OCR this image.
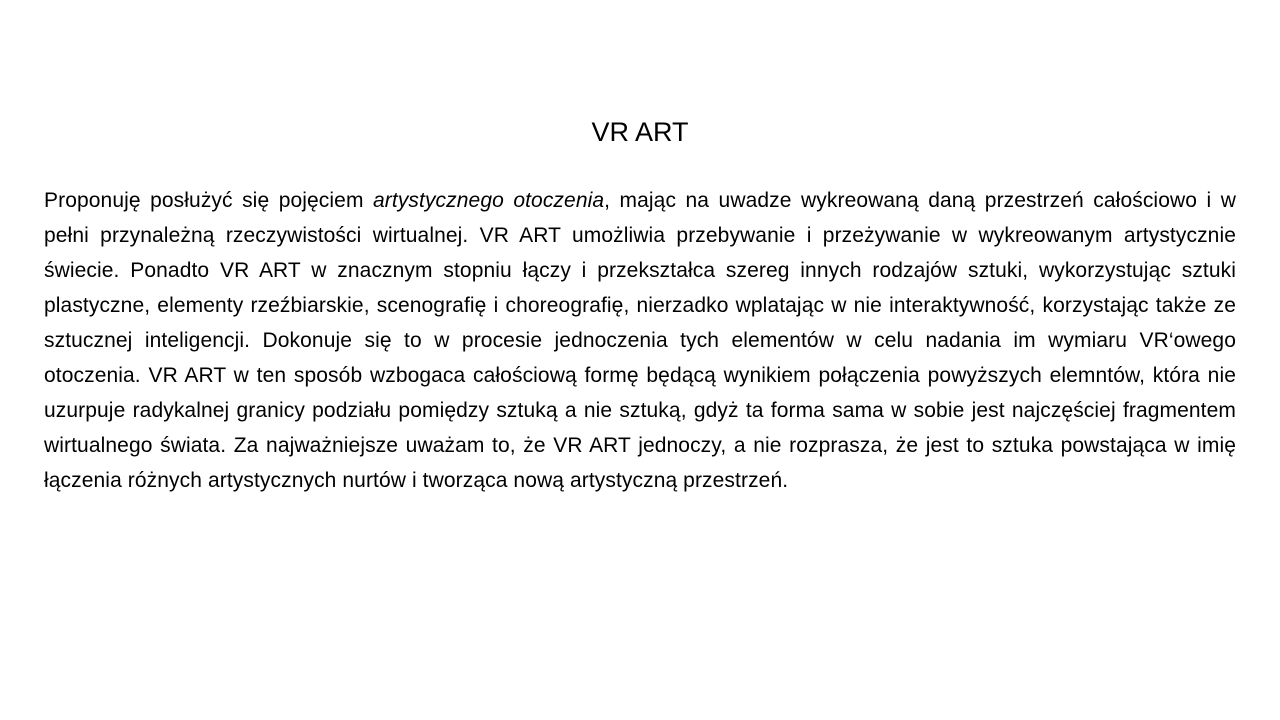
VR ART

Proponuję posłużyć się pojęciem artystycznego otoczenia, mając na uwadze wykreowaną daną przestrzeń całościowo i w pełni przynależną rzeczywistości wirtualnej. VR ART umożliwia przebywanie i przeżywanie w wykreowanym artystycznie świecie. Ponadto VR ART w znacznym stopniu łączy i przekształca szereg innych rodzajów sztuki, wykorzystując sztuki plastyczne, elementy rzeźbiarskie, scenografię i choreografię, nierzadko wplatając w nie interaktywność, korzystając także ze sztucznej inteligencji. Dokonuje się to w procesie jednoczenia tych elementów w celu nadania im wymiaru VR‘owego otoczenia. VR ART w ten sposób wzbogaca całościową formę będącą wynikiem połączenia powyższych elemntów, która nie uzurpuje radykalnej granicy podziału pomiędzy sztuką a nie sztuką, gdyż ta forma sama w sobie jest najczęściej fragmentem wirtualnego świata. Za najważniejsze uważam to, że VR ART jednoczy, a nie rozprasza, że jest to sztuka powstająca w imię łączenia różnych artystycznych nurtów i tworząca nową artystyczną przestrzeń.
